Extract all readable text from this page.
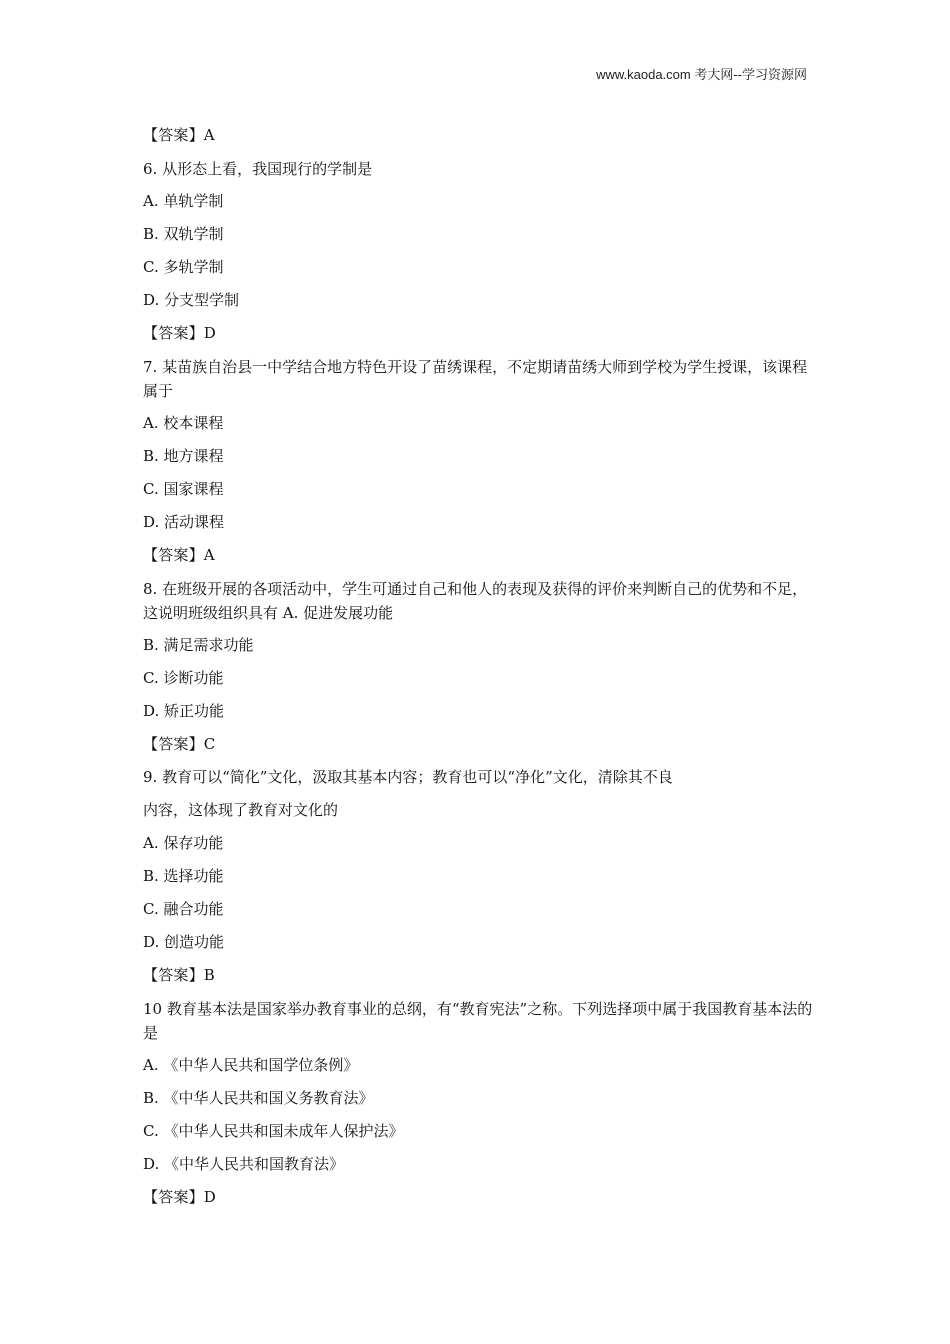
www.kaoda.com 考大网--学习资源网
【答案】A
6. 从形态上看，我国现行的学制是
A. 单轨学制
B. 双轨学制
C. 多轨学制
D. 分支型学制
【答案】D
7. 某苗族自治县一中学结合地方特色开设了苗绣课程，不定期请苗绣大师到学校为学生授课，该课程属于
A. 校本课程
B. 地方课程
C. 国家课程
D. 活动课程
【答案】A
8. 在班级开展的各项活动中，学生可通过自己和他人的表现及获得的评价来判断自己的优势和不足，这说明班级组织具有 A. 促进发展功能
B. 满足需求功能
C. 诊断功能
D. 矫正功能
【答案】C
9. 教育可以“简化”文化，汲取其基本内容；教育也可以“净化”文化，清除其不良
内容，这体现了教育对文化的
A. 保存功能
B. 选择功能
C. 融合功能
D. 创造功能
【答案】B
10 教育基本法是国家举办教育事业的总纲，有“教育宪法”之称。下列选择项中属于我国教育基本法的是
A. 《中华人民共和国学位条例》
B. 《中华人民共和国义务教育法》
C. 《中华人民共和国未成年人保护法》
D. 《中华人民共和国教育法》
【答案】D
